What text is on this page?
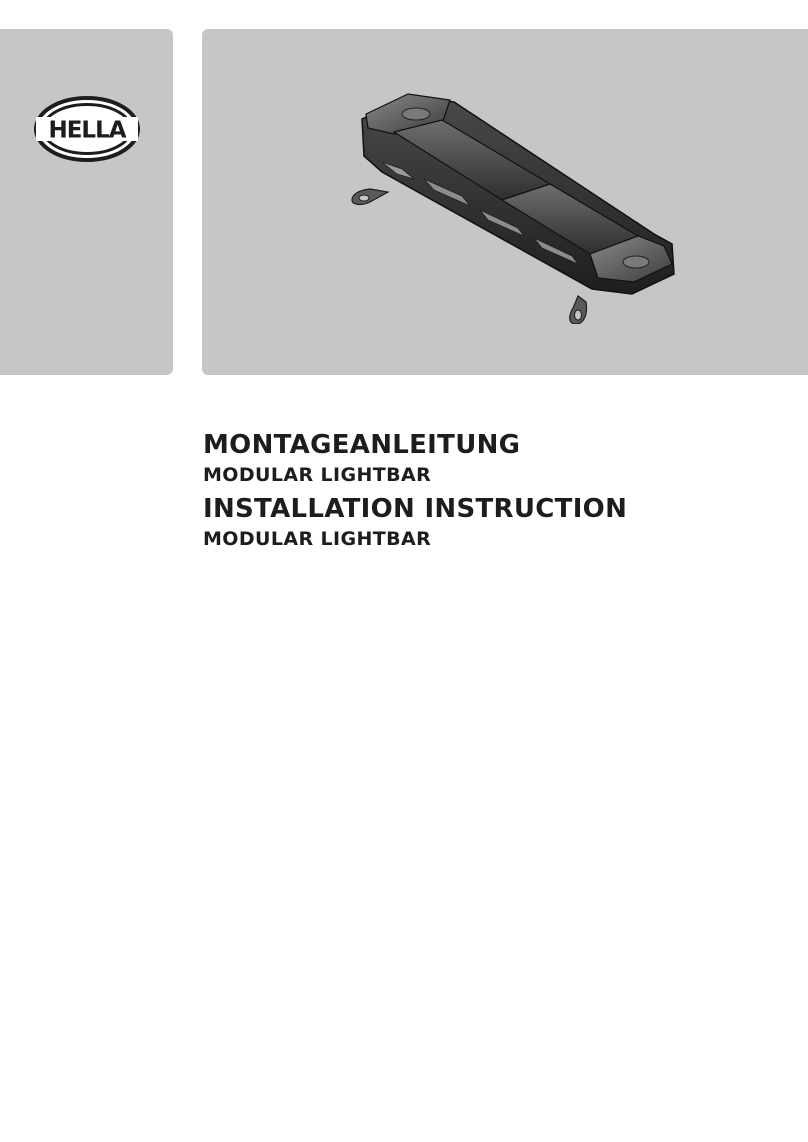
HELLA
MONTAGEANLEITUNG
MODULAR LIGHTBAR
INSTALLATION INSTRUCTION
MODULAR LIGHTBAR
